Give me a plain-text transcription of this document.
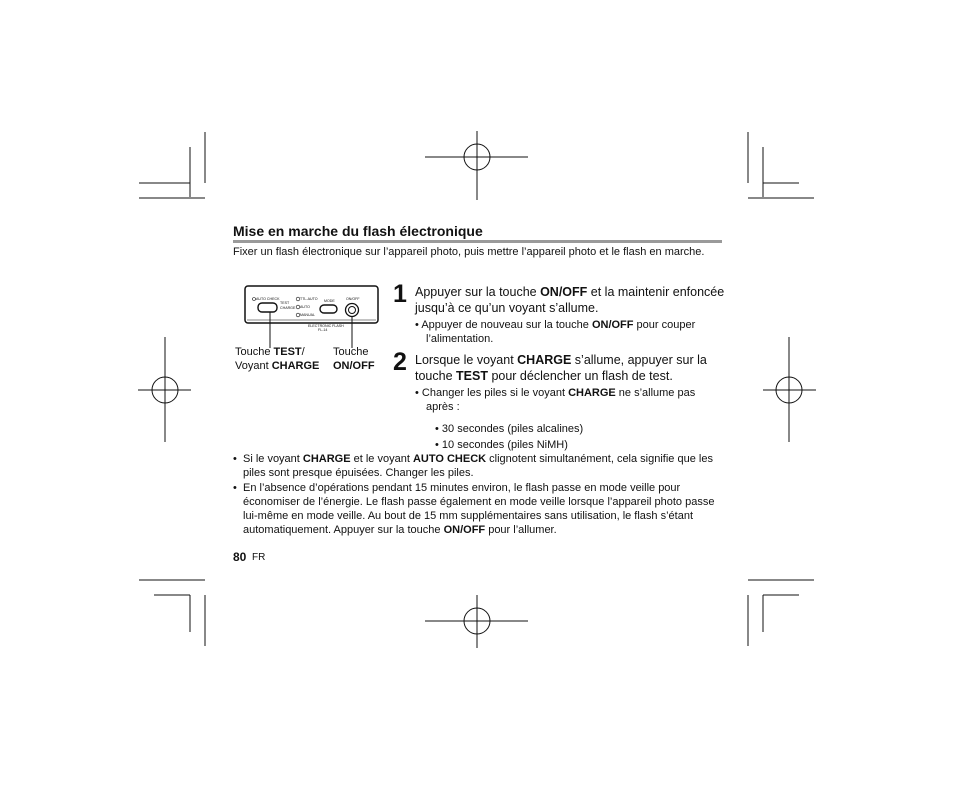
Mise en marche du flash électronique
Fixer un flash électronique sur l’appareil photo, puis mettre l’appareil photo et le flash en marche.
AUTO CHECK
TEST
CHARGE
TTL-AUTO
AUTO
MANUAL
MODE	ON/OFF
ELECTRONIC FLASH
FL-14
Touche TEST/
Voyant CHARGE
Touche
ON/OFF
1 Appuyer sur la touche ON/OFF et la maintenir enfoncée jusqu’à ce qu’un voyant s’allume.
• Appuyer de nouveau sur la touche ON/OFF pour couper l’alimentation.
2 Lorsque le voyant CHARGE s’allume, appuyer sur la touche TEST pour déclencher un flash de test.
• Changer les piles si le voyant CHARGE ne s’allume pas après :
• 30 secondes (piles alcalines)
• 10 secondes (piles NiMH)
• Si le voyant CHARGE et le voyant AUTO CHECK clignotent simultanément, cela signifie que les piles sont presque épuisées. Changer les piles.
• En l’absence d’opérations pendant 15 minutes environ, le flash passe en mode veille pour économiser de l’énergie. Le flash passe également en mode veille lorsque l’appareil photo passe lui-même en mode veille. Au bout de 15 mm supplémentaires sans utilisation, le flash s’étant automatiquement. Appuyer sur la touche ON/OFF pour l’allumer.
80 FR
